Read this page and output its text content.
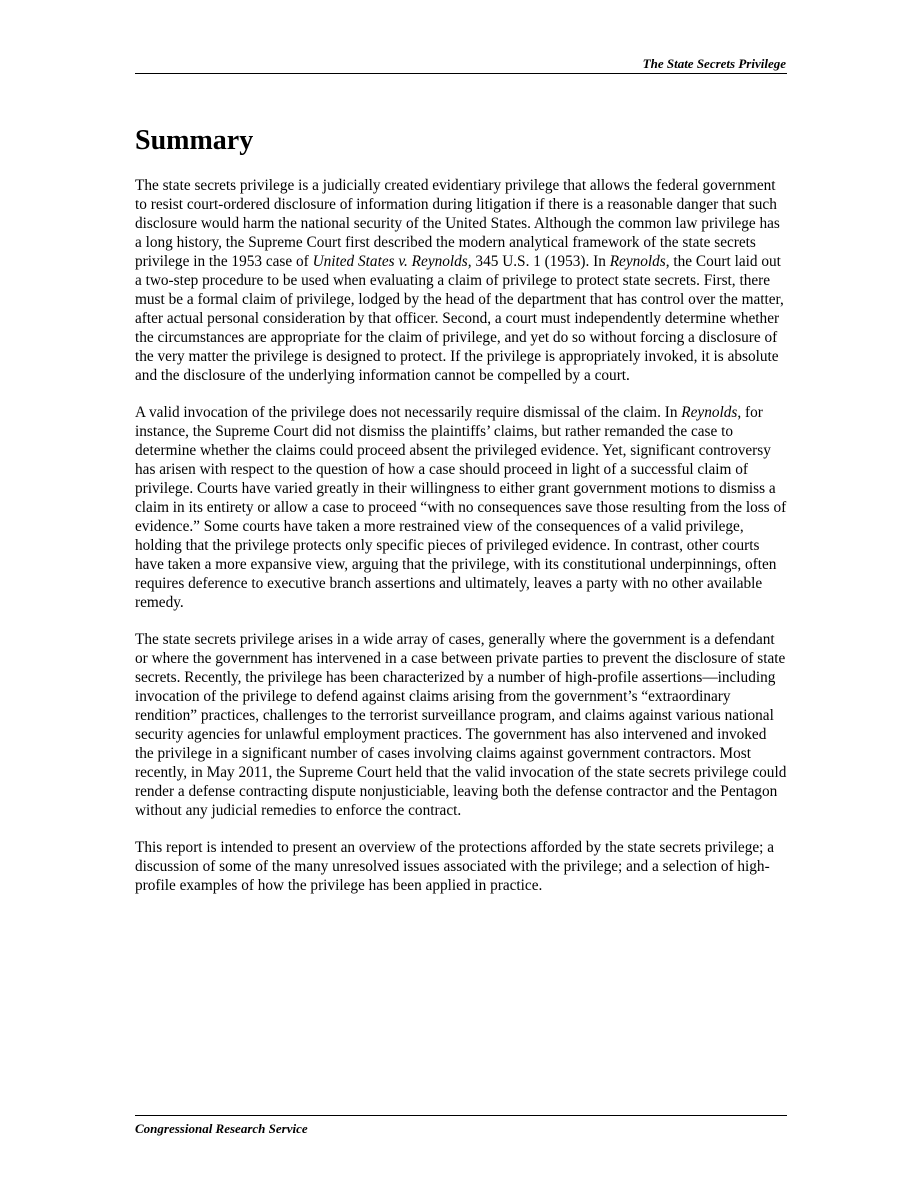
The State Secrets Privilege
Summary

The state secrets privilege is a judicially created evidentiary privilege that allows the federal government to resist court-ordered disclosure of information during litigation if there is a reasonable danger that such disclosure would harm the national security of the United States. Although the common law privilege has a long history, the Supreme Court first described the modern analytical framework of the state secrets privilege in the 1953 case of United States v. Reynolds, 345 U.S. 1 (1953). In Reynolds, the Court laid out a two-step procedure to be used when evaluating a claim of privilege to protect state secrets. First, there must be a formal claim of privilege, lodged by the head of the department that has control over the matter, after actual personal consideration by that officer. Second, a court must independently determine whether the circumstances are appropriate for the claim of privilege, and yet do so without forcing a disclosure of the very matter the privilege is designed to protect. If the privilege is appropriately invoked, it is absolute and the disclosure of the underlying information cannot be compelled by a court.

A valid invocation of the privilege does not necessarily require dismissal of the claim. In Reynolds, for instance, the Supreme Court did not dismiss the plaintiffs’ claims, but rather remanded the case to determine whether the claims could proceed absent the privileged evidence. Yet, significant controversy has arisen with respect to the question of how a case should proceed in light of a successful claim of privilege. Courts have varied greatly in their willingness to either grant government motions to dismiss a claim in its entirety or allow a case to proceed “with no consequences save those resulting from the loss of evidence.” Some courts have taken a more restrained view of the consequences of a valid privilege, holding that the privilege protects only specific pieces of privileged evidence. In contrast, other courts have taken a more expansive view, arguing that the privilege, with its constitutional underpinnings, often requires deference to executive branch assertions and ultimately, leaves a party with no other available remedy.

The state secrets privilege arises in a wide array of cases, generally where the government is a defendant or where the government has intervened in a case between private parties to prevent the disclosure of state secrets. Recently, the privilege has been characterized by a number of high-profile assertions—including invocation of the privilege to defend against claims arising from the government’s “extraordinary rendition” practices, challenges to the terrorist surveillance program, and claims against various national security agencies for unlawful employment practices. The government has also intervened and invoked the privilege in a significant number of cases involving claims against government contractors. Most recently, in May 2011, the Supreme Court held that the valid invocation of the state secrets privilege could render a defense contracting dispute nonjusticiable, leaving both the defense contractor and the Pentagon without any judicial remedies to enforce the contract.

This report is intended to present an overview of the protections afforded by the state secrets privilege; a discussion of some of the many unresolved issues associated with the privilege; and a selection of high-profile examples of how the privilege has been applied in practice.

Congressional Research Service
